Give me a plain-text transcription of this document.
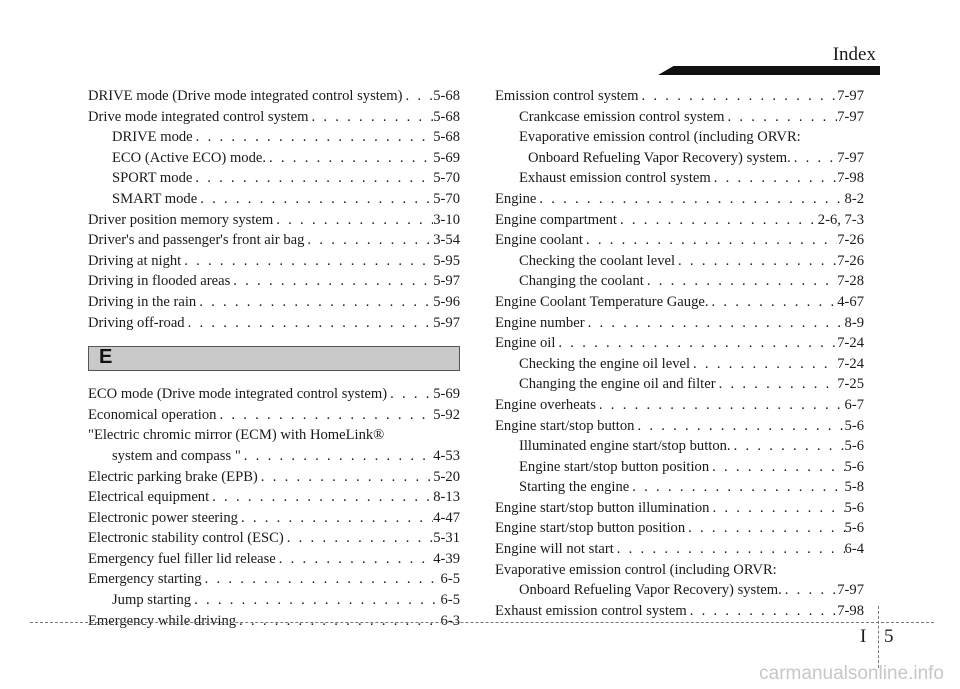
Index
DRIVE mode (Drive mode integrated control system) . . . 5-68
Drive mode integrated control system . . .	5-68
DRIVE mode . . .	5-68
ECO (Active ECO) mode. . . .	5-69
SPORT mode . . .	5-70
SMART mode . . .	5-70
Driver position memory system . . .	3-10
Driver's and passenger's front air bag . . .	3-54
Driving at night . . .	5-95
Driving in flooded areas . . .	5-97
Driving in the rain . . .	5-96
Driving off-road . . .	5-97
E
ECO mode (Drive mode integrated control system) . . .	5-69
Economical operation . . .	5-92
"Electric chromic mirror (ECM) with HomeLink®
system and compass " . . .	4-53
Electric parking brake (EPB) . . .	5-20
Electrical equipment . . .	8-13
Electronic power steering . . .	4-47
Electronic stability control (ESC) . . .	5-31
Emergency fuel filler lid release . . .	4-39
Emergency starting . . .	6-5
Jump starting . . .	6-5
Emergency while driving . . .	6-3
Emission control system . . .	7-97
Crankcase emission control system . . .	7-97
Evaporative emission control (including ORVR:
Onboard Refueling Vapor Recovery) system. . . .	7-97
Exhaust emission control system . . .	7-98
Engine . . .	8-2
Engine compartment . . .	2-6, 7-3
Engine coolant . . .	7-26
Checking the coolant level . . .	7-26
Changing the coolant . . .	7-28
Engine Coolant Temperature Gauge. . . .	4-67
Engine number . . .	8-9
Engine oil . . .	7-24
Checking the engine oil level . . .	7-24
Changing the engine oil and filter . . .	7-25
Engine overheats . . .	6-7
Engine start/stop button . . .	5-6
Illuminated engine start/stop button. . . .	5-6
Engine start/stop button position . . .	5-6
Starting the engine . . .	5-8
Engine start/stop button illumination . . .	5-6
Engine start/stop button position . . .	5-6
Engine will not start . . .	6-4
Evaporative emission control (including ORVR:
Onboard Refueling Vapor Recovery) system. . . .	7-97
Exhaust emission control system . . .	7-98
I 5
carmanualsonline.info
